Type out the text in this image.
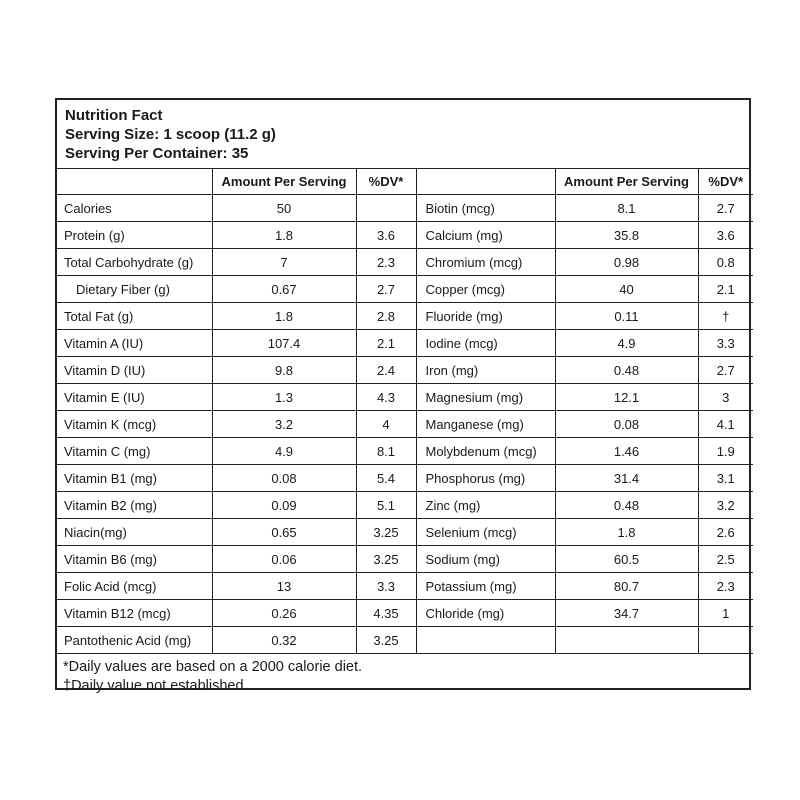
Nutrition Fact
Serving Size: 1 scoop (11.2 g)
Serving Per Container: 35
	Amount Per Serving	%DV*		Amount Per Serving	%DV*
Calories	50		Biotin (mcg)	8.1	2.7
Protein (g)	1.8	3.6	Calcium (mg)	35.8	3.6
Total Carbohydrate (g)	7	2.3	Chromium (mcg)	0.98	0.8
Dietary Fiber (g)	0.67	2.7	Copper (mcg)	40	2.1
Total Fat (g)	1.8	2.8	Fluoride (mg)	0.11	†
Vitamin A (IU)	107.4	2.1	Iodine (mcg)	4.9	3.3
Vitamin D (IU)	9.8	2.4	Iron (mg)	0.48	2.7
Vitamin E (IU)	1.3	4.3	Magnesium (mg)	12.1	3
Vitamin K (mcg)	3.2	4	Manganese (mg)	0.08	4.1
Vitamin C (mg)	4.9	8.1	Molybdenum (mcg)	1.46	1.9
Vitamin B1 (mg)	0.08	5.4	Phosphorus (mg)	31.4	3.1
Vitamin B2 (mg)	0.09	5.1	Zinc (mg)	0.48	3.2
Niacin(mg)	0.65	3.25	Selenium (mcg)	1.8	2.6
Vitamin B6 (mg)	0.06	3.25	Sodium (mg)	60.5	2.5
Folic Acid (mcg)	13	3.3	Potassium (mg)	80.7	2.3
Vitamin B12 (mcg)	0.26	4.35	Chloride (mg)	34.7	1
Pantothenic Acid (mg)	0.32	3.25			
*Daily values are based on a 2000 calorie diet.
†Daily value not established.
